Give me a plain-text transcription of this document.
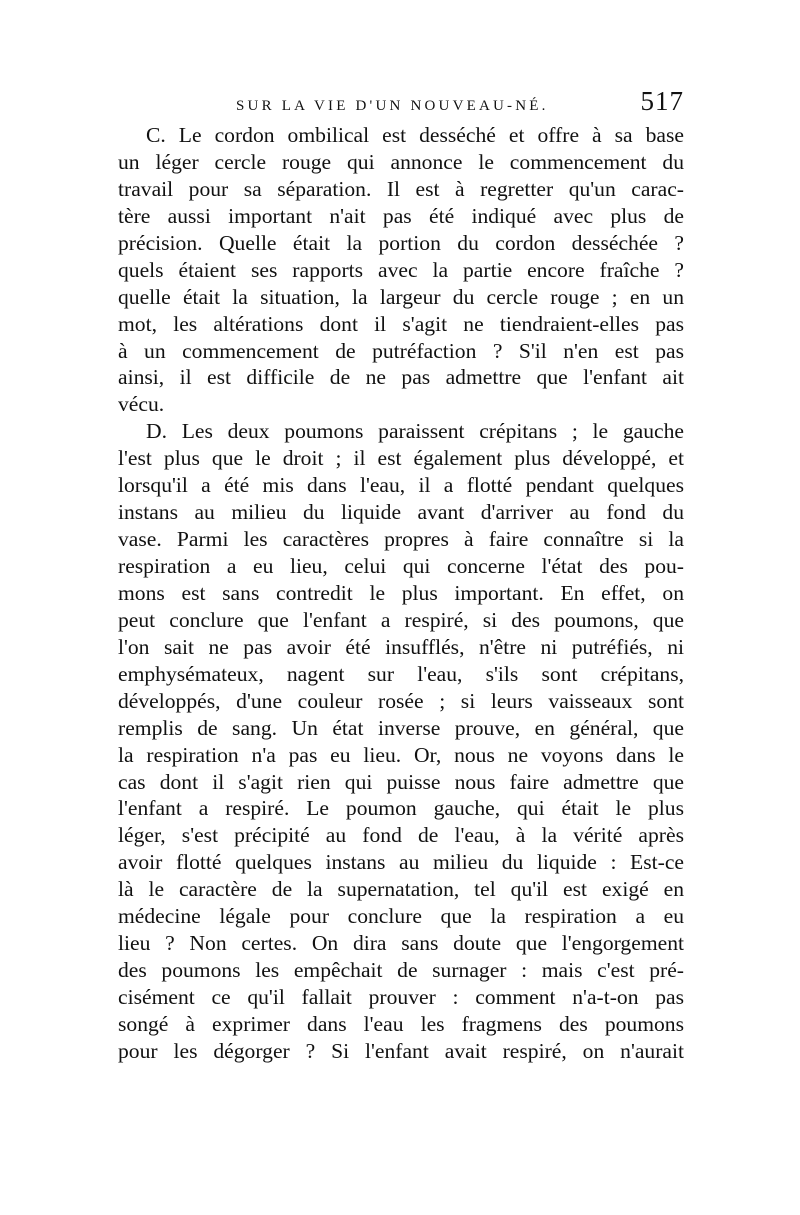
SUR LA VIE D'UN NOUVEAU-NÉ.	517
C. Le cordon ombilical est desséché et offre à sa base
un léger cercle rouge qui annonce le commencement du
travail pour sa séparation. Il est à regretter qu'un carac-
tère aussi important n'ait pas été indiqué avec plus de
précision. Quelle était la portion du cordon desséchée ?
quels étaient ses rapports avec la partie encore fraîche ?
quelle était la situation, la largeur du cercle rouge ; en un
mot, les altérations dont il s'agit ne tiendraient-elles pas
à un commencement de putréfaction ? S'il n'en est pas
ainsi, il est difficile de ne pas admettre que l'enfant ait
vécu.
D. Les deux poumons paraissent crépitans ; le gauche
l'est plus que le droit ; il est également plus développé, et
lorsqu'il a été mis dans l'eau, il a flotté pendant quelques
instans au milieu du liquide avant d'arriver au fond du
vase. Parmi les caractères propres à faire connaître si la
respiration a eu lieu, celui qui concerne l'état des pou-
mons est sans contredit le plus important. En effet, on
peut conclure que l'enfant a respiré, si des poumons, que
l'on sait ne pas avoir été insufflés, n'être ni putréfiés, ni
emphysémateux, nagent sur l'eau, s'ils sont crépitans,
développés, d'une couleur rosée ; si leurs vaisseaux sont
remplis de sang. Un état inverse prouve, en général, que
la respiration n'a pas eu lieu. Or, nous ne voyons dans le
cas dont il s'agit rien qui puisse nous faire admettre que
l'enfant a respiré. Le poumon gauche, qui était le plus
léger, s'est précipité au fond de l'eau, à la vérité après
avoir flotté quelques instans au milieu du liquide : Est-ce
là le caractère de la supernatation, tel qu'il est exigé en
médecine légale pour conclure que la respiration a eu
lieu ? Non certes. On dira sans doute que l'engorgement
des poumons les empêchait de surnager : mais c'est pré-
cisément ce qu'il fallait prouver : comment n'a-t-on pas
songé à exprimer dans l'eau les fragmens des poumons
pour les dégorger ? Si l'enfant avait respiré, on n'aurait
